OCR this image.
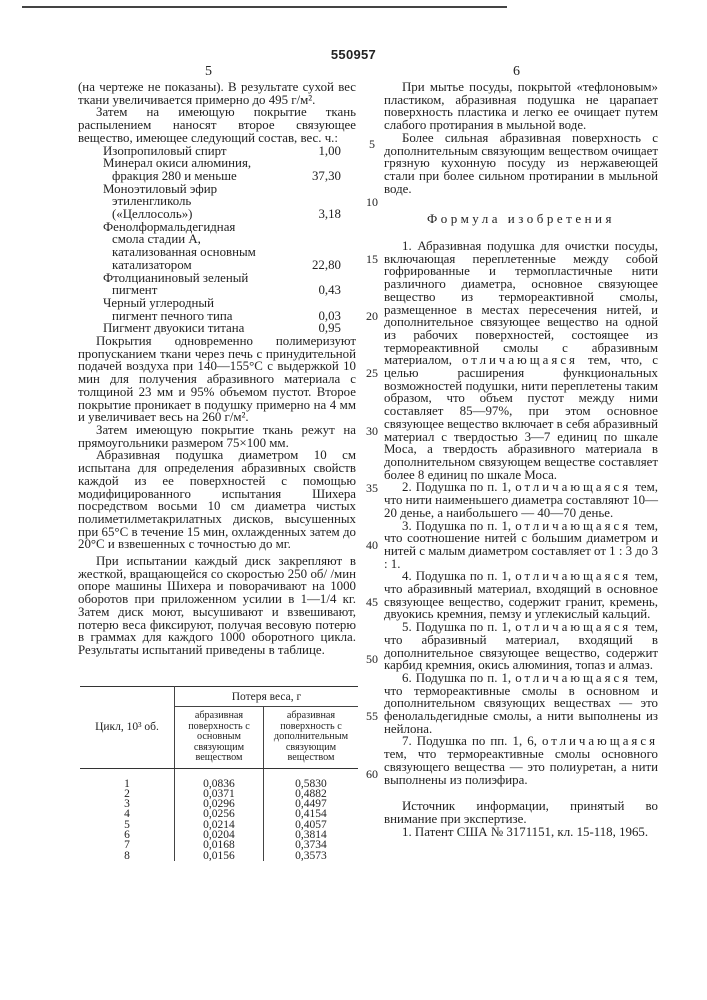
550957
5	6

(на чертеже не показаны). В результате сухой вес ткани увеличивается примерно до 495 г/м².

Затем на имеющую покрытие ткань распылением наносят второе связующее вещество, имеющее следующий состав, вес. ч.:

Изопропиловый спирт	1,00
Минерал окиси алюминия,
фракция 280 и меньше	37,30
Моноэтиловый эфир
этиленгликоль
(«Целлосоль»)	3,18
Фенолформальдегидная
смола стадии А,
катализованная основным
катализатором	22,80
Фтолцианиновый зеленый
пигмент	0,43
Черный углеродный
пигмент печного типа	0,03
Пигмент двуокиси титана	0,95

Покрытия одновременно полимеризуют пропусканием ткани через печь с принудительной подачей воздуха при 140—155°С с выдержкой 10 мин для получения абразивного материала с толщиной 23 мм и 95% объемом пустот. Второе покрытие проникает в подушку примерно на 4 мм и увеличивает весь на 260 г/м².

Затем имеющую покрытие ткань режут на прямоугольники размером 75×100 мм.

Абразивная подушка диаметром 10 см испытана для определения абразивных свойств каждой из ее поверхностей с помощью модифицированного испытания Шихера посредством восьми 10 см диаметра чистых полиметилметакрилатных дисков, высушенных при 65°С в течение 15 мин, охлажденных затем до 20°С и взвешенных с точностью до мг.

При испытании каждый диск закрепляют в жесткой, вращающейся со скоростью 250 об/ /мин опоре машины Шихера и поворачивают на 1000 оборотов при приложенном усилии в 1—1/4 кг. Затем диск моют, высушивают и взвешивают, потерю веса фиксируют, получая весовую потерю в граммах для каждого 1000 оборотного цикла. Результаты испытаний приведены в таблице.

Цикл, 10³ об.	Потеря веса, г	
	абразивная поверхность с основным связующим веществом	абразивная поверхность с дополнительным связующим веществом
1	0,0836	0,5830
2	0,0371	0,4882
3	0,0296	0,4497
4	0,0256	0,4154
5	0,0214	0,4057
6	0,0204	0,3814
7	0,0168	0,3734
8	0,0156	0,3573
5
10
15
20
25
30
35
40
45
50
55
60

При мытье посуды, покрытой «тефлоновым» пластиком, абразивная подушка не царапает поверхность пластика и легко ее очищает путем слабого протирания в мыльной воде.

Более сильная абразивная поверхность с дополнительным связующим веществом очищает грязную кухонную посуду из нержавеющей стали при более сильном протирании в мыльной воде.

Формула изобретения

1. Абразивная подушка для очистки посуды, включающая переплетенные между собой гофрированные и термопластичные нити различного диаметра, основное связующее вещество из термореактивной смолы, размещенное в местах пересечения нитей, и дополнительное связующее вещество на одной из рабочих поверхностей, состоящее из термореактивной смолы с абразивным материалом, отличающаяся тем, что, с целью расширения функциональных возможностей подушки, нити переплетены таким образом, что объем пустот между ними составляет 85—97%, при этом основное связующее вещество включает в себя абразивный материал с твердостью 3—7 единиц по шкале Моса, а твердость абразивного материала в дополнительном связующем веществе составляет более 8 единиц по шкале Моса.

2. Подушка по п. 1, отличающаяся тем, что нити наименьшего диаметра составляют 10—20 денье, а наибольшего — 40—70 денье.

3. Подушка по п. 1, отличающаяся тем, что соотношение нитей с большим диаметром и нитей с малым диаметром составляет от 1 : 3 до 3 : 1.

4. Подушка по п. 1, отличающаяся тем, что абразивный материал, входящий в основное связующее вещество, содержит гранит, кремень, двуокись кремния, пемзу и углекислый кальций.

5. Подушка по п. 1, отличающаяся тем, что абразивный материал, входящий в дополнительное связующее вещество, содержит карбид кремния, окись алюминия, топаз и алмаз.

6. Подушка по п. 1, отличающаяся тем, что термореактивные смолы в основном и дополнительном связующих веществах — это фенолальдегидные смолы, а нити выполнены из нейлона.

7. Подушка по пп. 1, 6, отличающаяся тем, что термореактивные смолы основного связующего вещества — это полиуретан, а нити выполнены из полиэфира.

Источник информации, принятый во внимание при экспертизе.

1. Патент США № 3171151, кл. 15-118, 1965.
